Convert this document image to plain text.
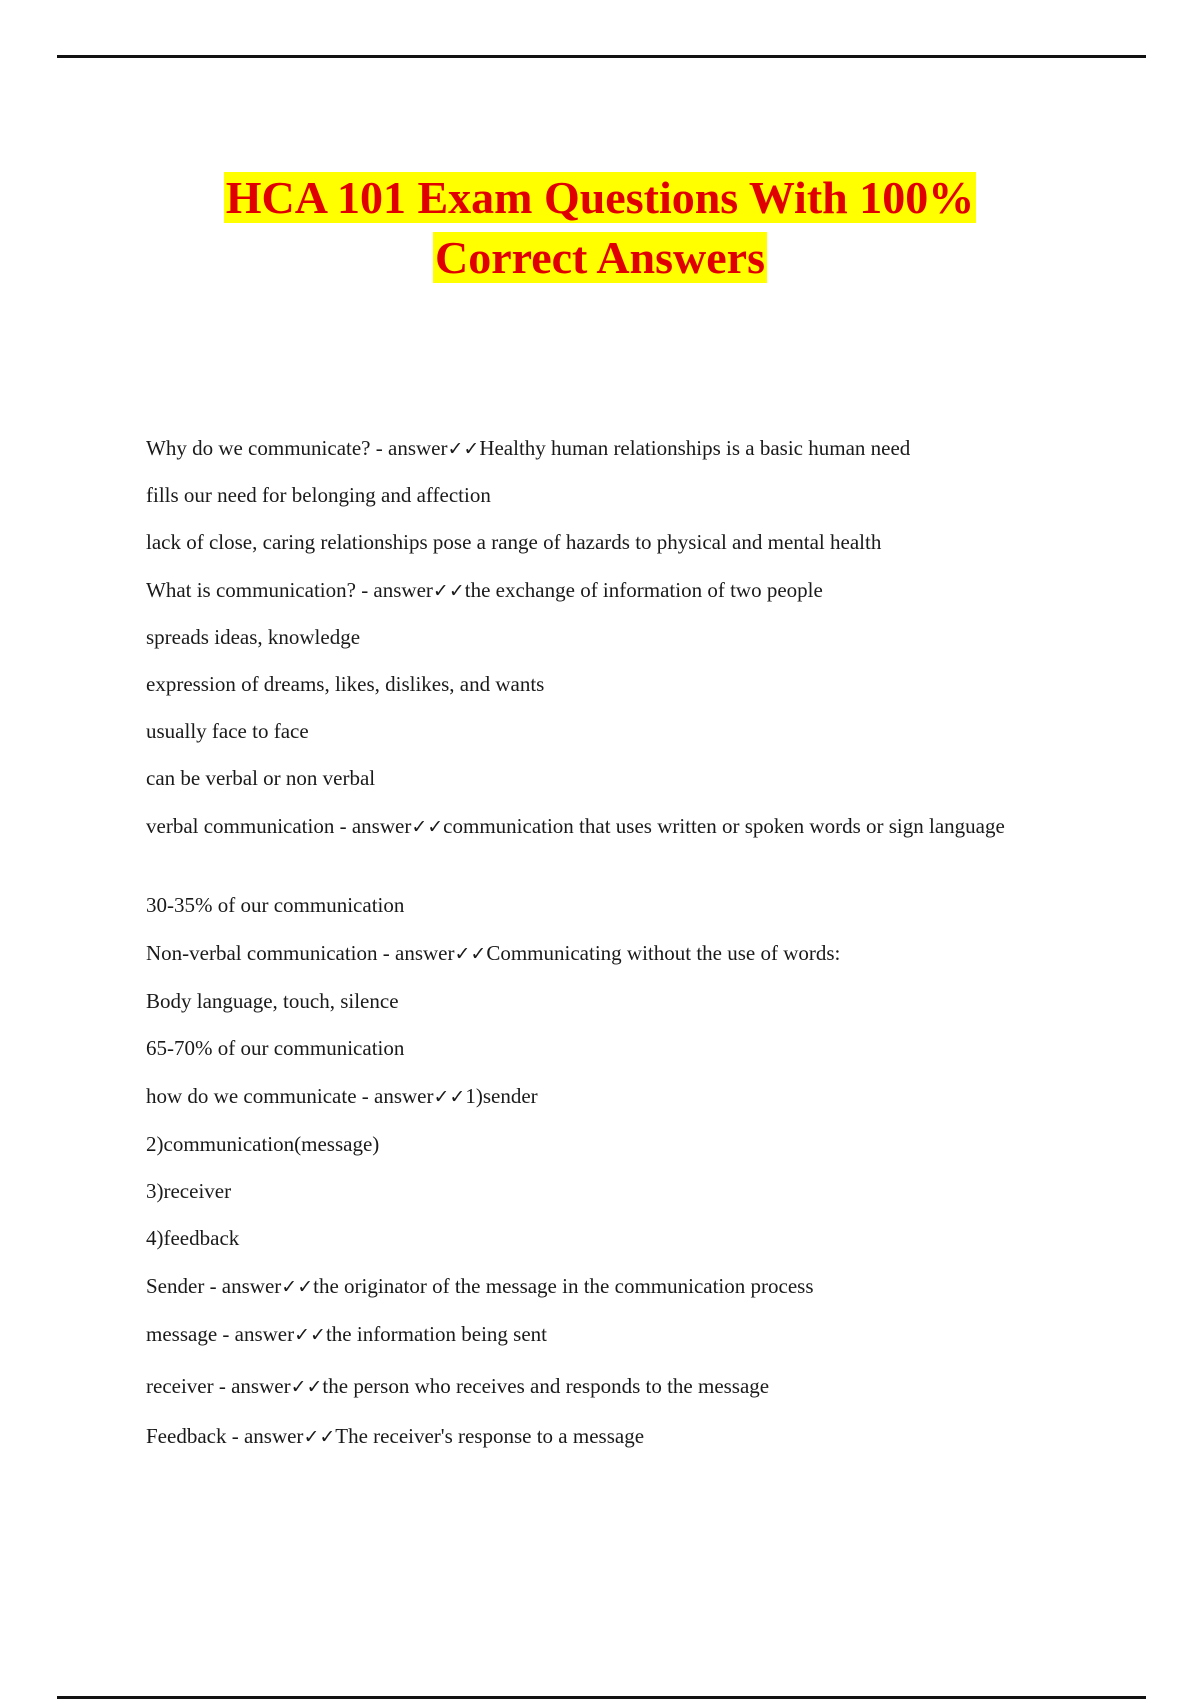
HCA 101 Exam Questions With 100%
Correct Answers
Why do we communicate? - answer✓✓Healthy human relationships is a basic human need
fills our need for belonging and affection
lack of close, caring relationships pose a range of hazards to physical and mental health
What is communication? - answer✓✓the exchange of information of two people
spreads ideas, knowledge
expression of dreams, likes, dislikes, and wants
usually face to face
can be verbal or non verbal
verbal communication - answer✓✓communication that uses written or spoken words or sign language
30-35% of our communication
Non-verbal communication - answer✓✓Communicating without the use of words:
Body language, touch, silence
65-70% of our communication
how do we communicate - answer✓✓1)sender
2)communication(message)
3)receiver
4)feedback
Sender - answer✓✓the originator of the message in the communication process
message - answer✓✓the information being sent
receiver - answer✓✓the person who receives and responds to the message
Feedback - answer✓✓The receiver's response to a message
